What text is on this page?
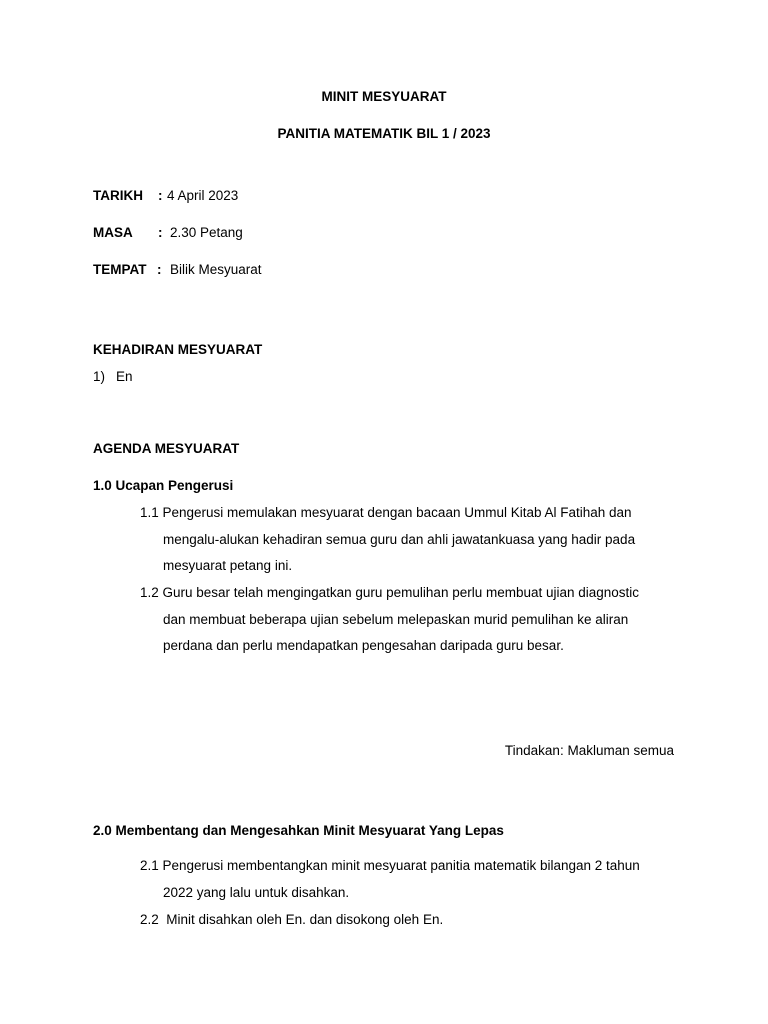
MINIT MESYUARAT
PANITIA MATEMATIK BIL 1 / 2023
TARIKH : 4 April 2023
MASA : 2.30 Petang
TEMPAT : Bilik Mesyuarat
KEHADIRAN MESYUARAT
1) En
AGENDA MESYUARAT
1.0 Ucapan Pengerusi
1.1 Pengerusi memulakan mesyuarat dengan bacaan Ummul Kitab Al Fatihah dan
mengalu-alukan kehadiran semua guru dan ahli jawatankuasa yang hadir pada
mesyuarat petang ini.
1.2 Guru besar telah mengingatkan guru pemulihan perlu membuat ujian diagnostic
dan membuat beberapa ujian sebelum melepaskan murid pemulihan ke aliran
perdana dan perlu mendapatkan pengesahan daripada guru besar.
Tindakan: Makluman semua
2.0 Membentang dan Mengesahkan Minit Mesyuarat Yang Lepas
2.1 Pengerusi membentangkan minit mesyuarat panitia matematik bilangan 2 tahun
2022 yang lalu untuk disahkan.
2.2  Minit disahkan oleh En. dan disokong oleh En.
